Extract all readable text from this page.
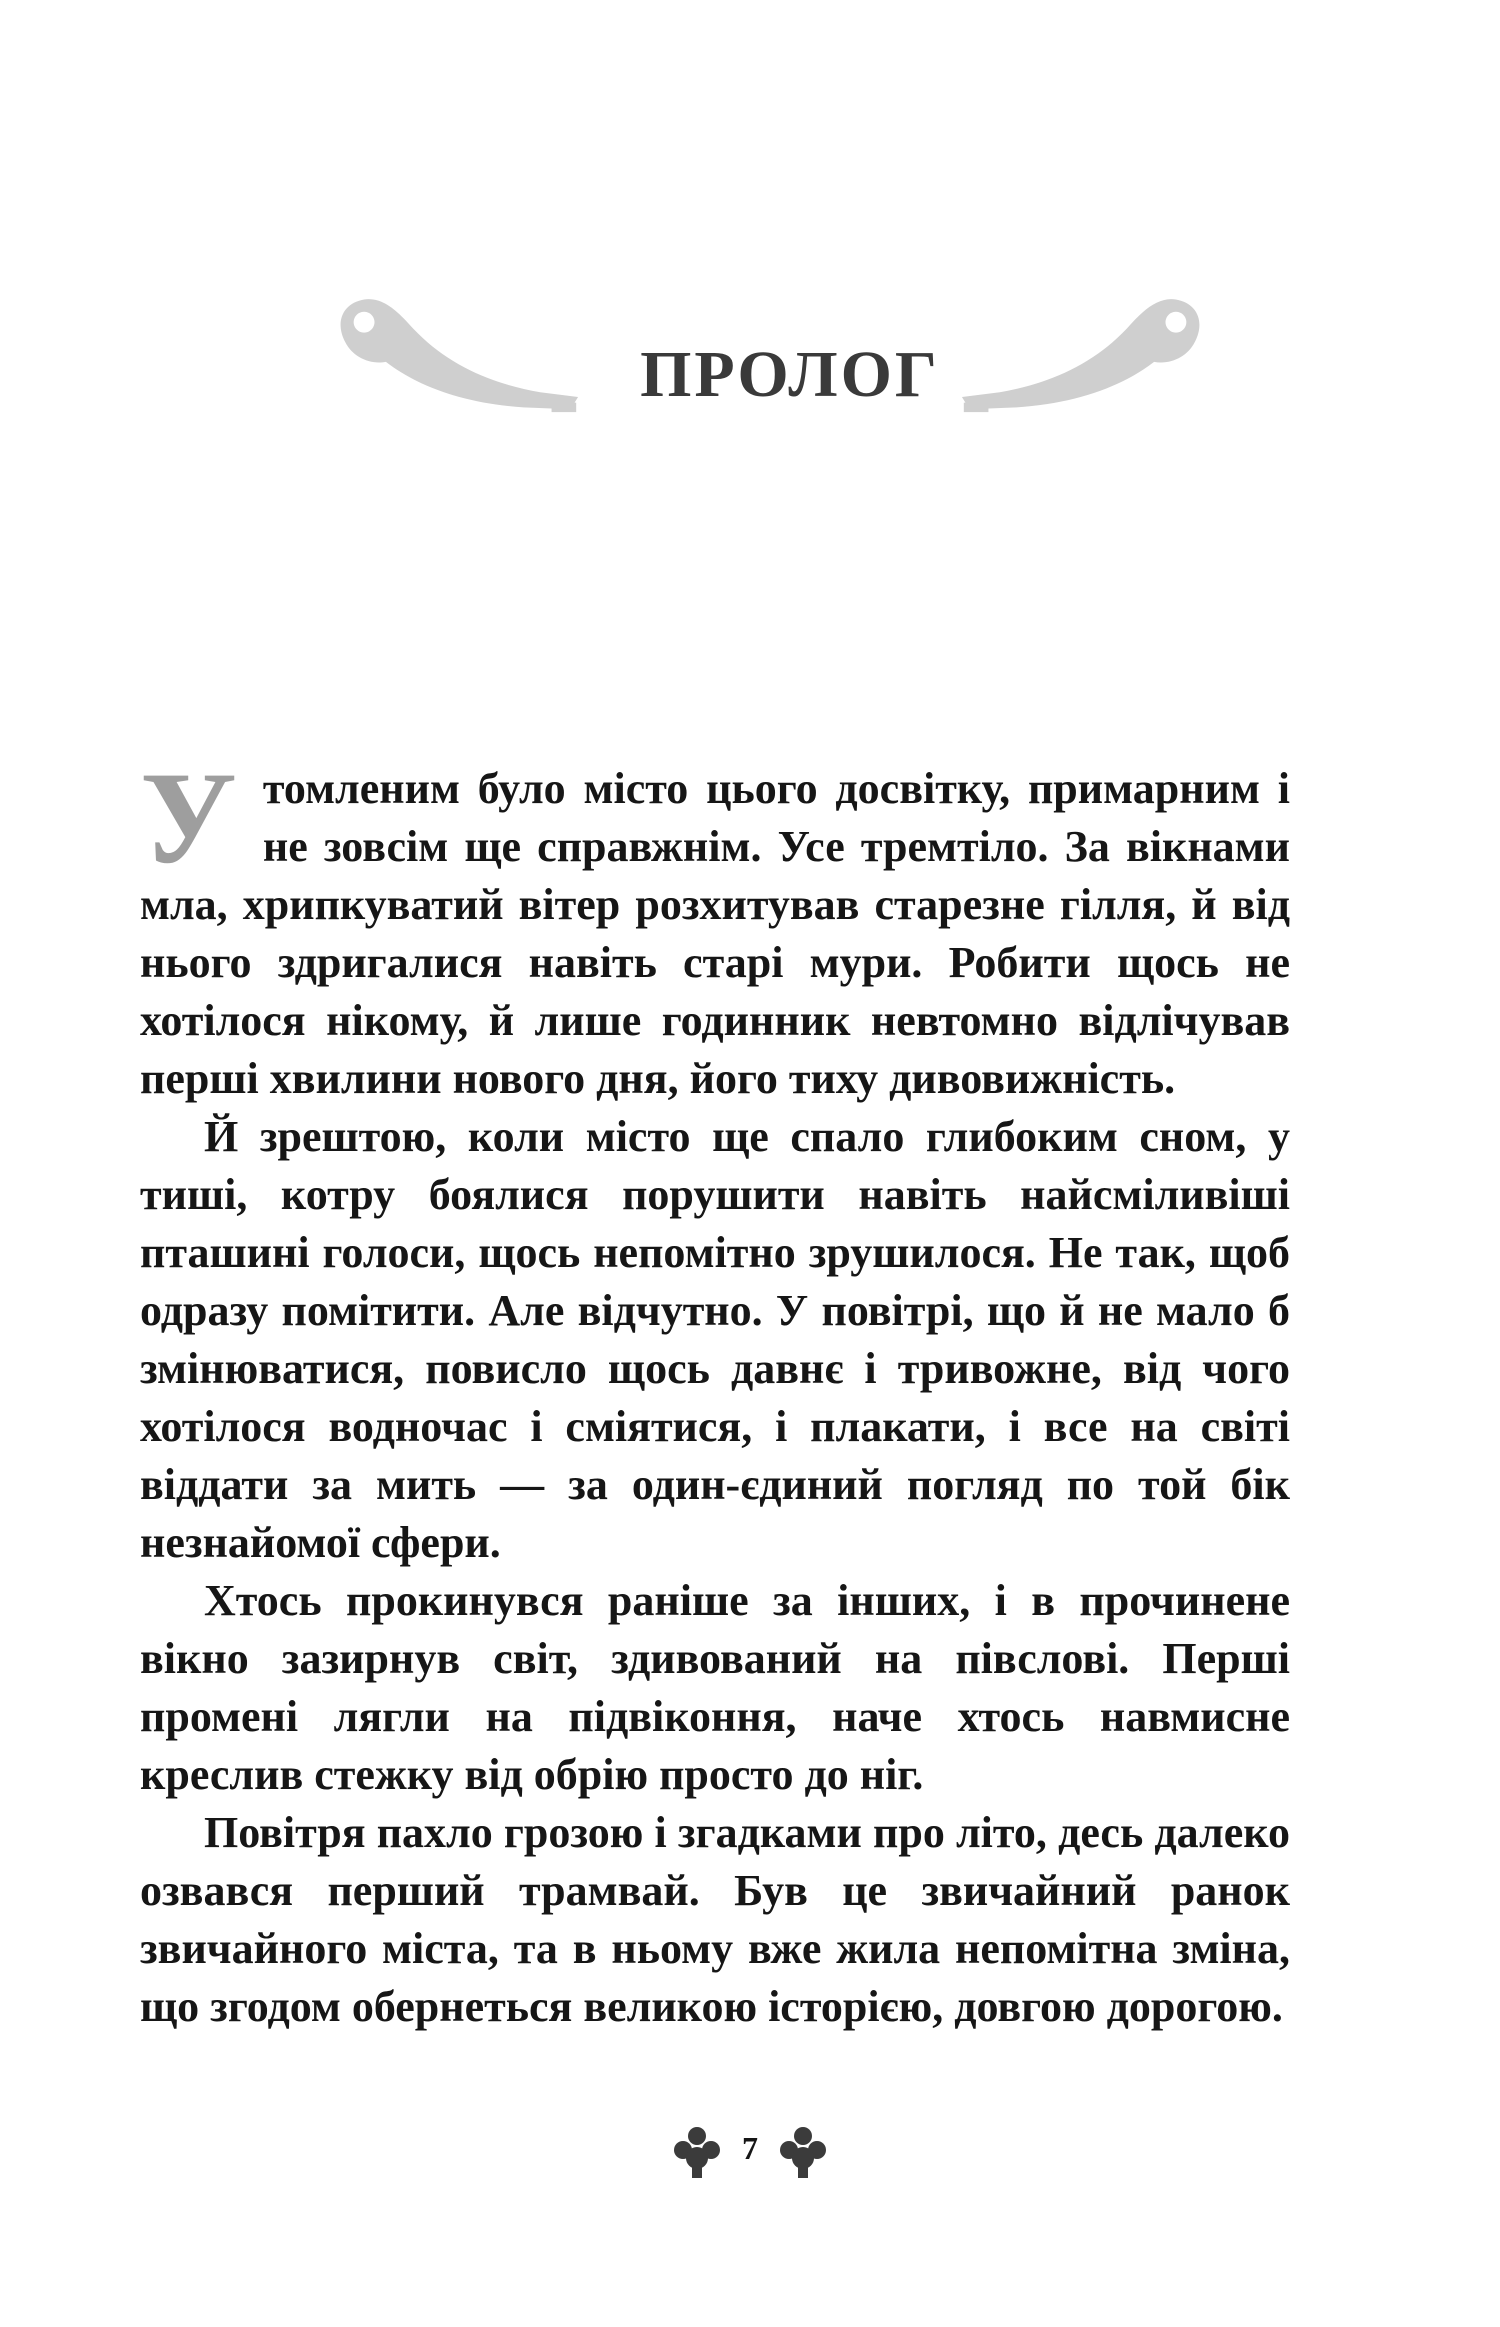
ПРОЛОГ

Утомленим було місто цього досвітку, примарним і не зовсім ще справжнім. Усе тремтіло. За вікнами мла, хрипкуватий вітер розхитував старезне гілля, й від нього здригалися навіть старі мури. Робити щось не хотілося нікому, й лише годинник невтомно відлічував перші хвилини нового дня, його тиху дивовижність.

Й зрештою, коли місто ще спало глибоким сном, у тиші, котру боялися порушити навіть найсміливіші пташині голоси, щось непомітно зрушилося. Не так, щоб одразу помітити. Але відчутно. У повітрі, що й не мало б змінюватися, повисло щось давнє і тривожне, від чого хотілося водночас і сміятися, і плакати, і все на світі віддати за мить — за один-єдиний погляд по той бік незнайомої сфери.

Хтось прокинувся раніше за інших, і в прочинене вікно зазирнув світ, здивований на півслові. Перші промені лягли на підвіконня, наче хтось навмисне креслив стежку від обрію просто до ніг.

Повітря пахло грозою і згадками про літо, десь далеко озвався перший трамвай. Був це звичайний ранок звичайного міста, та в ньому вже жила непомітна зміна, що згодом обернеться великою історією, довгою дорогою.

7
